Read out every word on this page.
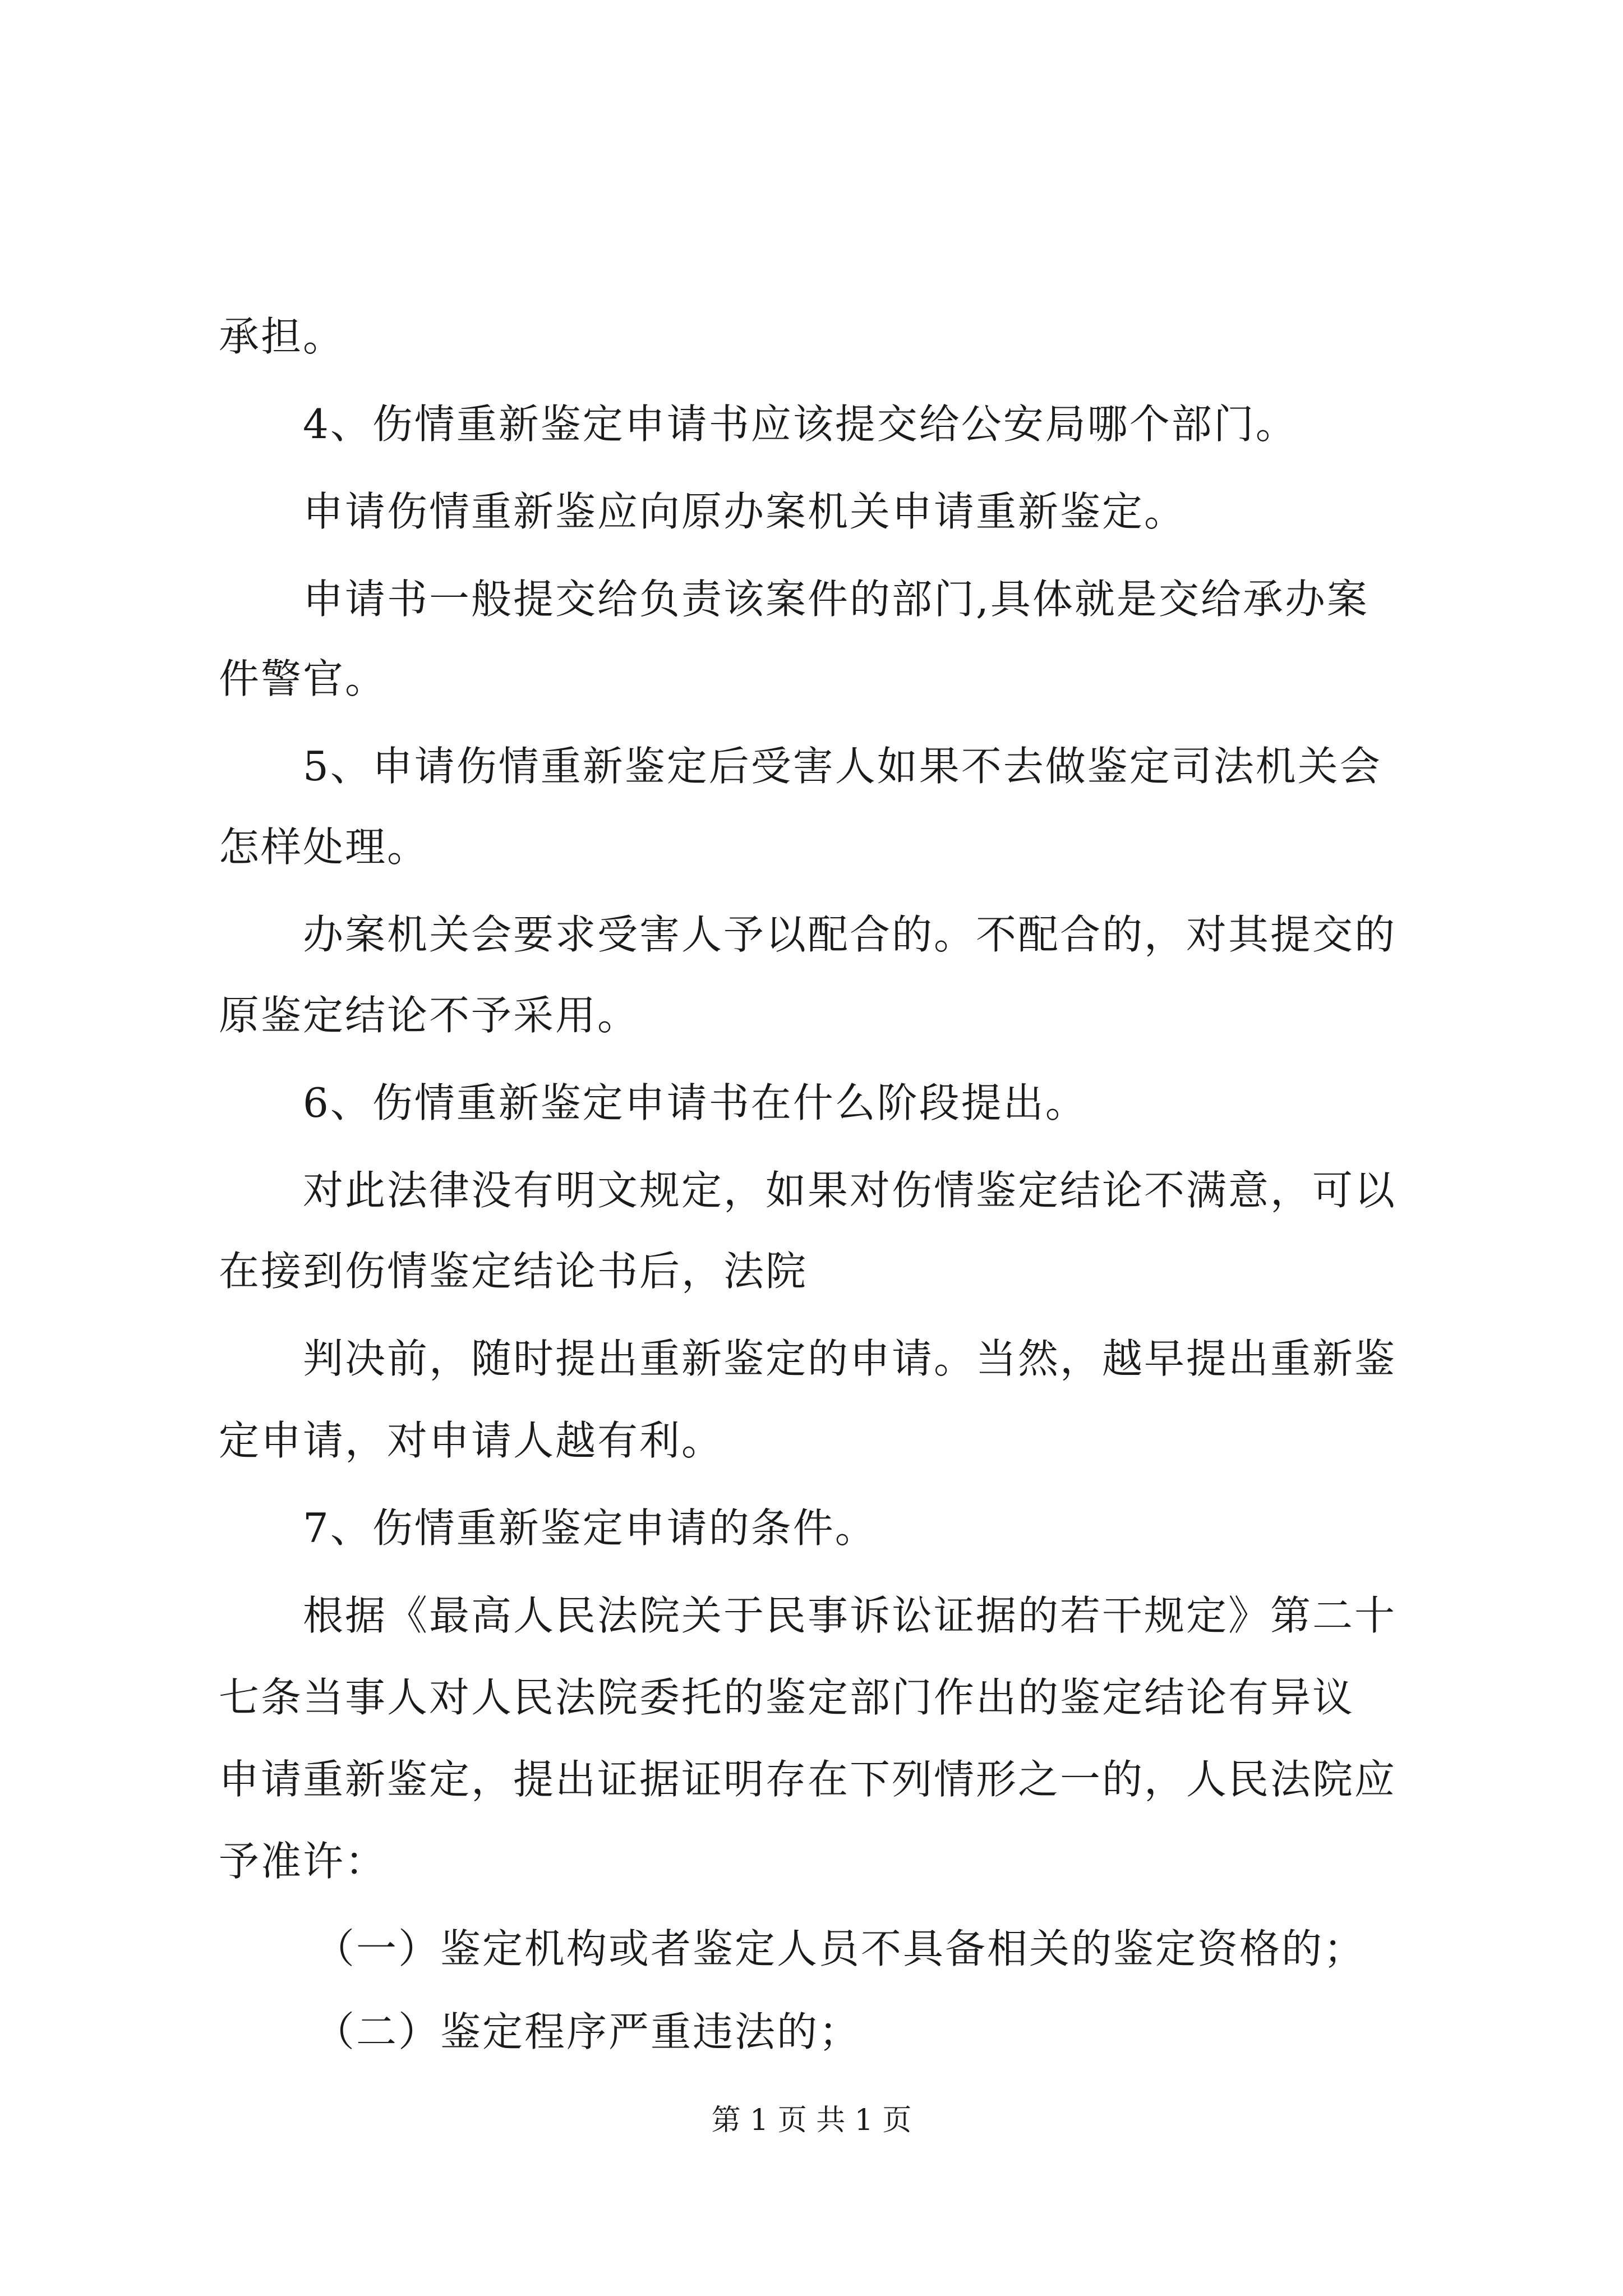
承担。
4、伤情重新鉴定申请书应该提交给公安局哪个部门。
申请伤情重新鉴应向原办案机关申请重新鉴定。
申请书一般提交给负责该案件的部门,具体就是交给承办案
件警官。
5、申请伤情重新鉴定后受害人如果不去做鉴定司法机关会
怎样处理。
办案机关会要求受害人予以配合的。不配合的，对其提交的
原鉴定结论不予采用。
6、伤情重新鉴定申请书在什么阶段提出。
对此法律没有明文规定，如果对伤情鉴定结论不满意，可以
在接到伤情鉴定结论书后，法院
判决前，随时提出重新鉴定的申请。当然，越早提出重新鉴
定申请，对申请人越有利。
7、伤情重新鉴定申请的条件。
根据《最高人民法院关于民事诉讼证据的若干规定》第二十
七条当事人对人民法院委托的鉴定部门作出的鉴定结论有异议
申请重新鉴定，提出证据证明存在下列情形之一的，人民法院应
予准许：
（一）鉴定机构或者鉴定人员不具备相关的鉴定资格的；
（二）鉴定程序严重违法的；
第 1 页 共 1 页
